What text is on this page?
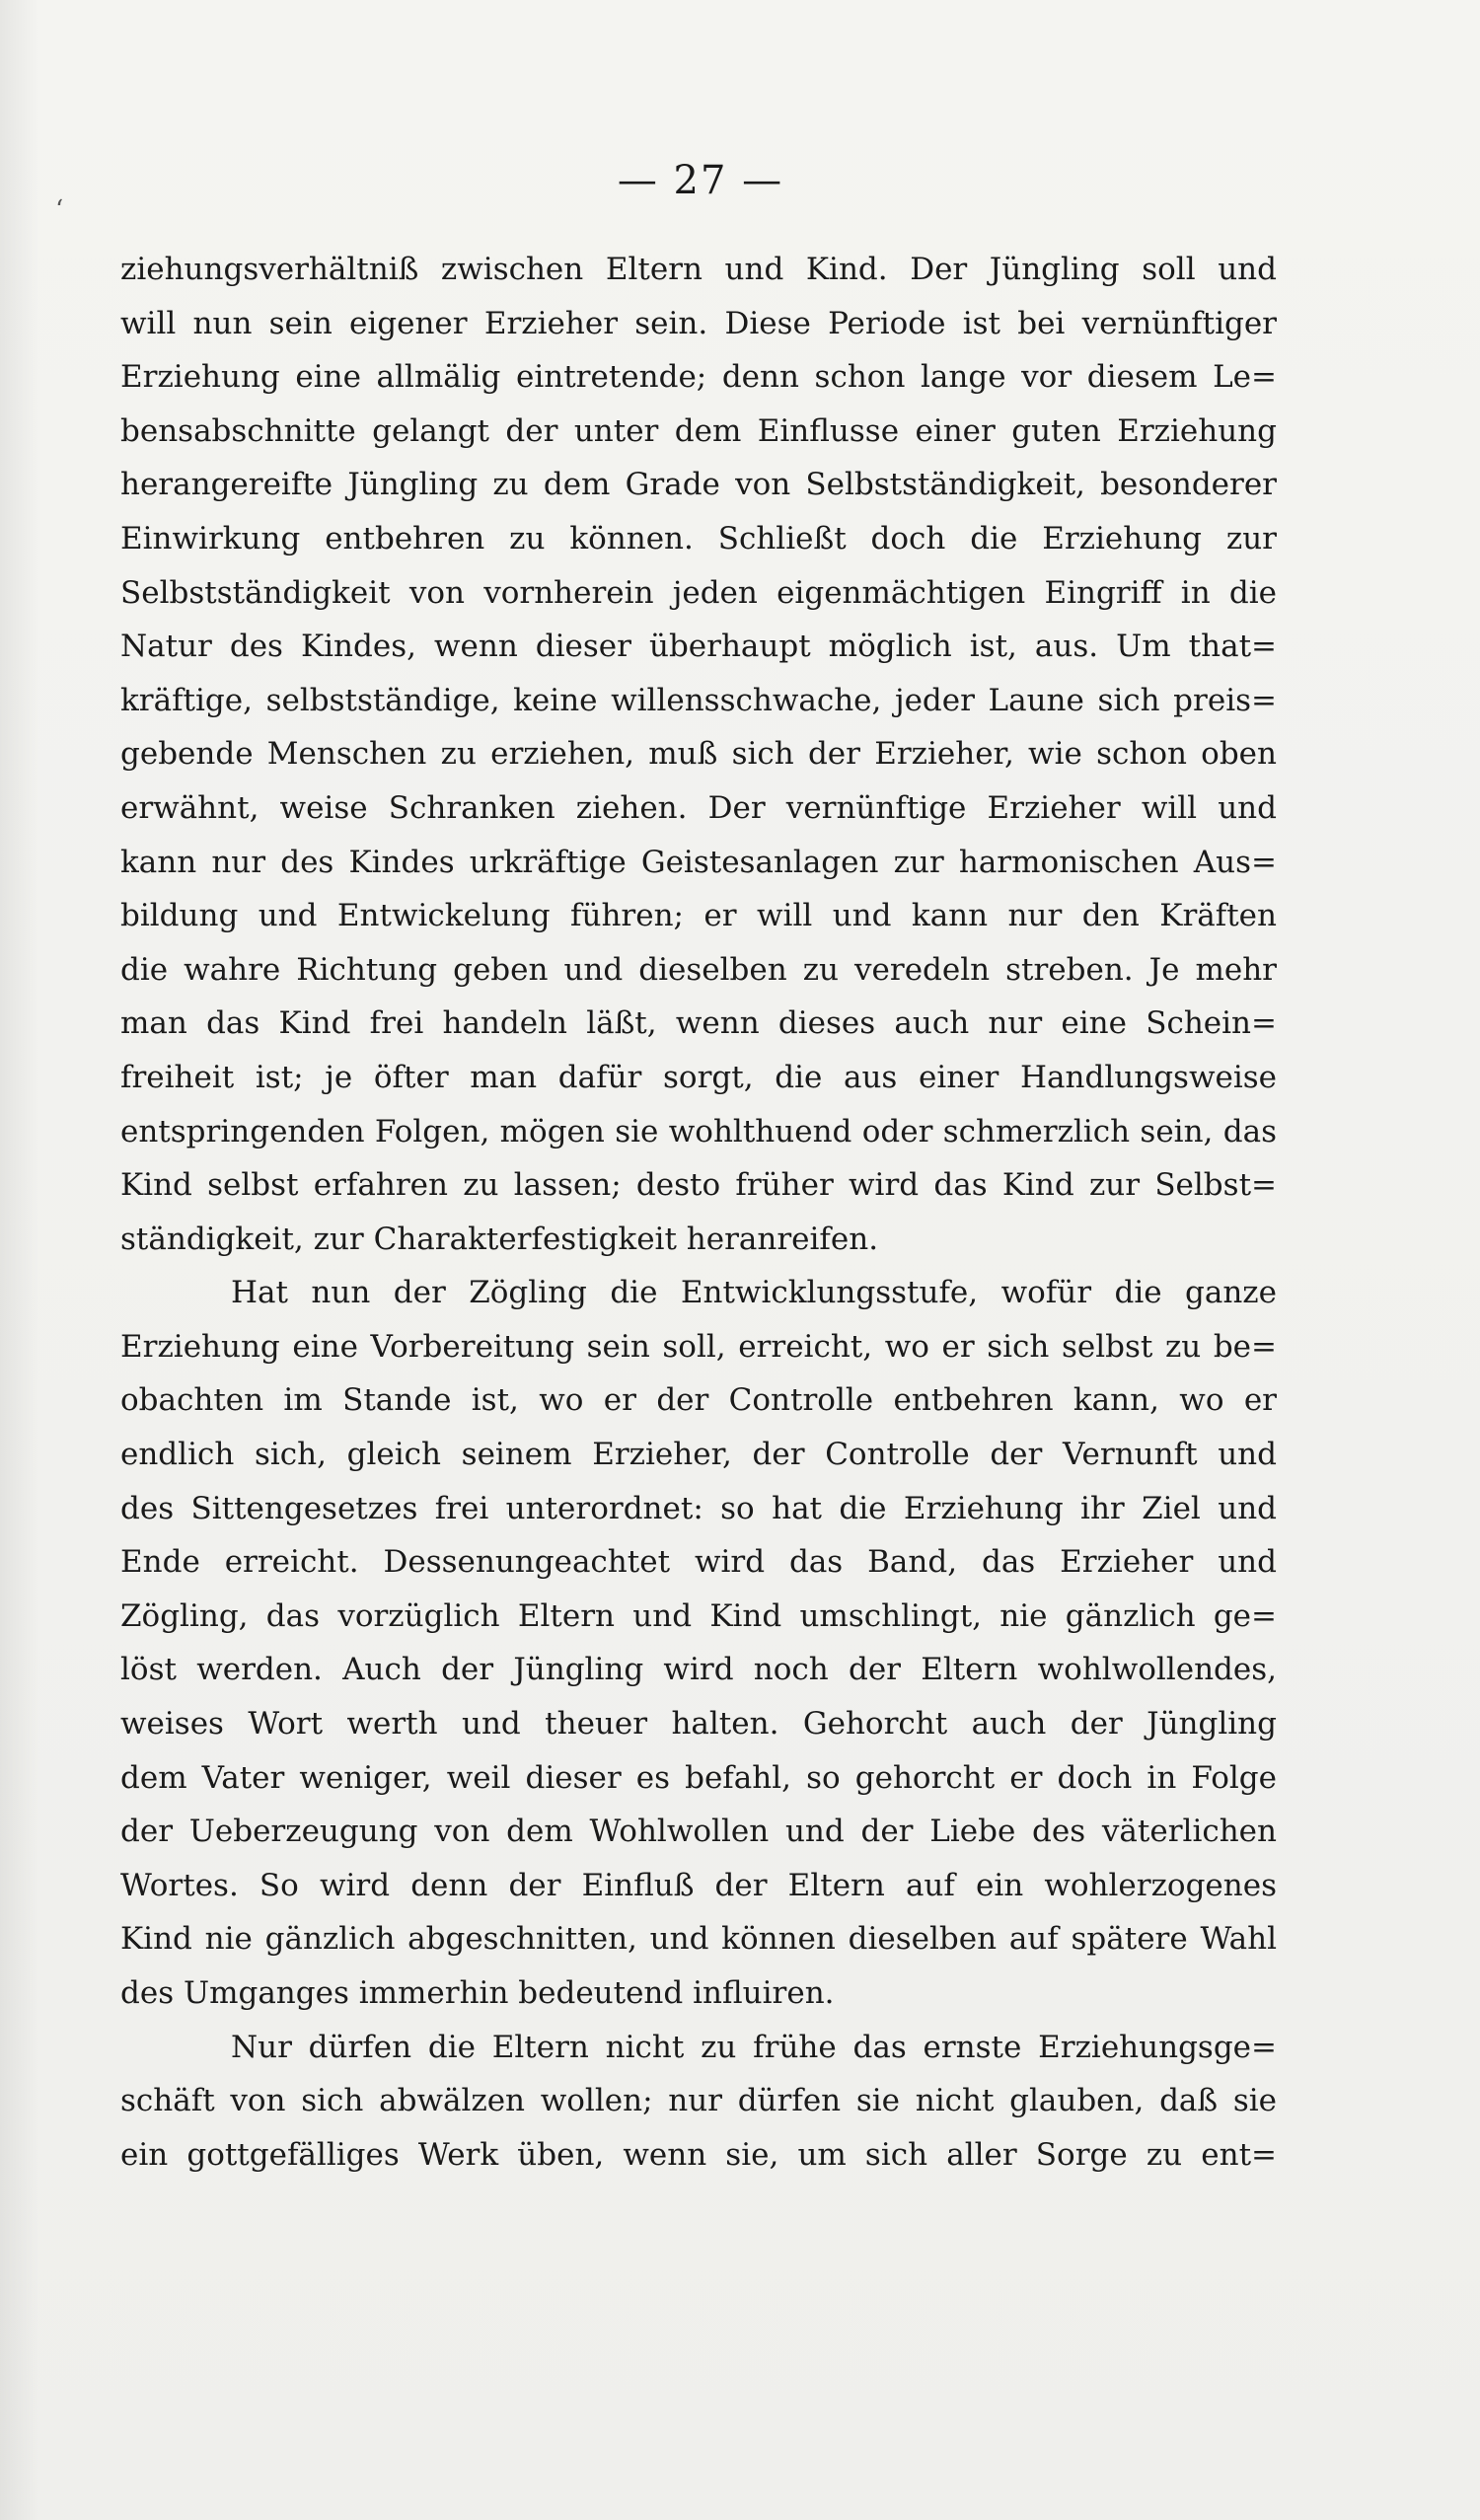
‘
— 27 —
ziehungsverhältniß zwischen Eltern und Kind. Der Jüngling soll und
will nun sein eigener Erzieher sein. Diese Periode ist bei vernünftiger
Erziehung eine allmälig eintretende; denn schon lange vor diesem Le=
bensabschnitte gelangt der unter dem Einflusse einer guten Erziehung
herangereifte Jüngling zu dem Grade von Selbstständigkeit, besonderer
Einwirkung entbehren zu können. Schließt doch die Erziehung zur
Selbstständigkeit von vornherein jeden eigenmächtigen Eingriff in die
Natur des Kindes, wenn dieser überhaupt möglich ist, aus. Um that=
kräftige, selbstständige, keine willensschwache, jeder Laune sich preis=
gebende Menschen zu erziehen, muß sich der Erzieher, wie schon oben
erwähnt, weise Schranken ziehen. Der vernünftige Erzieher will und
kann nur des Kindes urkräftige Geistesanlagen zur harmonischen Aus=
bildung und Entwickelung führen; er will und kann nur den Kräften
die wahre Richtung geben und dieselben zu veredeln streben. Je mehr
man das Kind frei handeln läßt, wenn dieses auch nur eine Schein=
freiheit ist; je öfter man dafür sorgt, die aus einer Handlungsweise
entspringenden Folgen, mögen sie wohlthuend oder schmerzlich sein, das
Kind selbst erfahren zu lassen; desto früher wird das Kind zur Selbst=
ständigkeit, zur Charakterfestigkeit heranreifen.
Hat nun der Zögling die Entwicklungsstufe, wofür die ganze
Erziehung eine Vorbereitung sein soll, erreicht, wo er sich selbst zu be=
obachten im Stande ist, wo er der Controlle entbehren kann, wo er
endlich sich, gleich seinem Erzieher, der Controlle der Vernunft und
des Sittengesetzes frei unterordnet: so hat die Erziehung ihr Ziel und
Ende erreicht. Dessenungeachtet wird das Band, das Erzieher und
Zögling, das vorzüglich Eltern und Kind umschlingt, nie gänzlich ge=
löst werden. Auch der Jüngling wird noch der Eltern wohlwollendes,
weises Wort werth und theuer halten. Gehorcht auch der Jüngling
dem Vater weniger, weil dieser es befahl, so gehorcht er doch in Folge
der Ueberzeugung von dem Wohlwollen und der Liebe des väterlichen
Wortes. So wird denn der Einfluß der Eltern auf ein wohlerzogenes
Kind nie gänzlich abgeschnitten, und können dieselben auf spätere Wahl
des Umganges immerhin bedeutend influiren.
Nur dürfen die Eltern nicht zu frühe das ernste Erziehungsge=
schäft von sich abwälzen wollen; nur dürfen sie nicht glauben, daß sie
ein gottgefälliges Werk üben, wenn sie, um sich aller Sorge zu ent=
